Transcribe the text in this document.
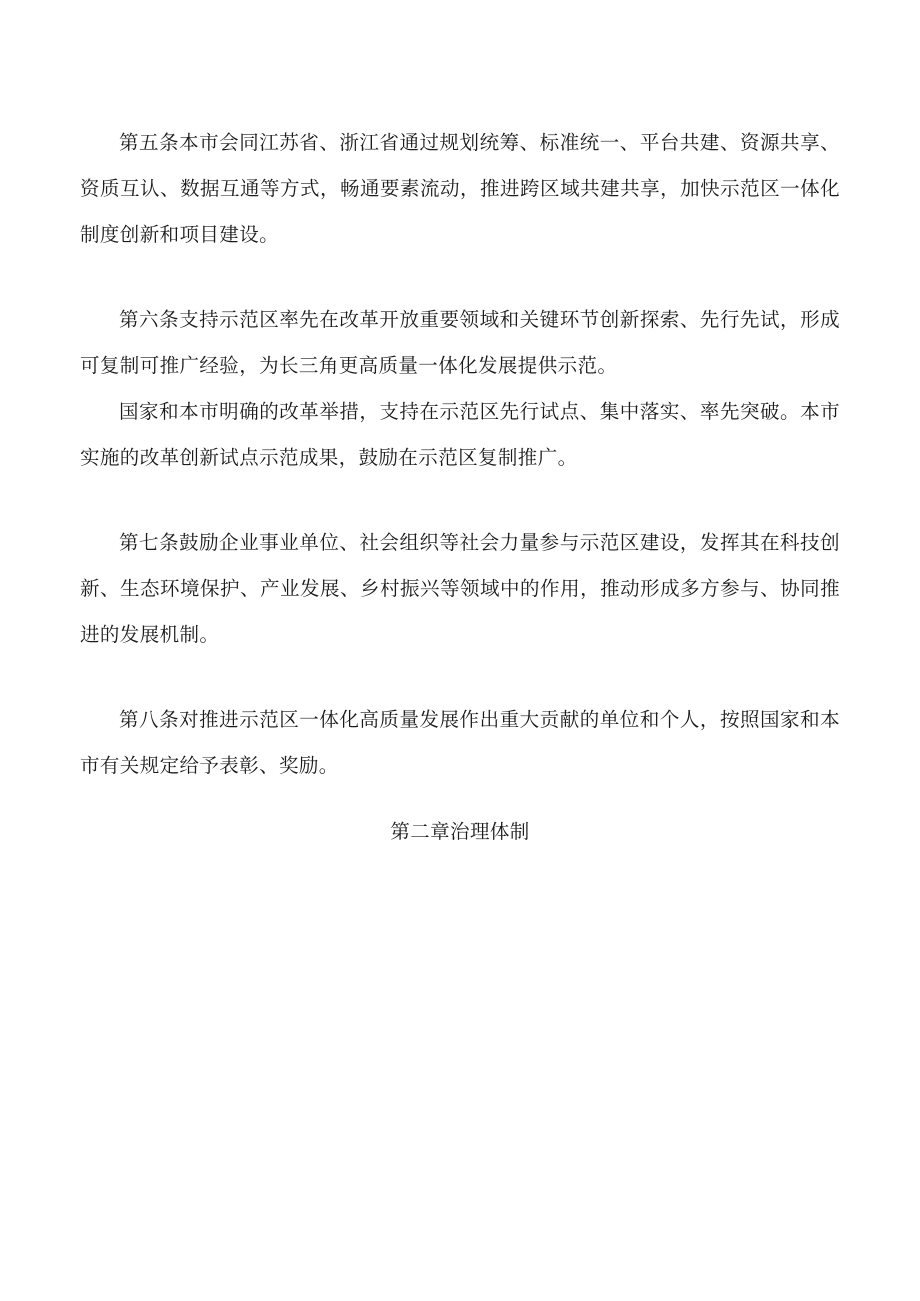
第五条本市会同江苏省、浙江省通过规划统筹、标准统一、平台共建、资源共享、资质互认、数据互通等方式，畅通要素流动，推进跨区域共建共享，加快示范区一体化制度创新和项目建设。

第六条支持示范区率先在改革开放重要领域和关键环节创新探索、先行先试，形成可复制可推广经验，为长三角更高质量一体化发展提供示范。

国家和本市明确的改革举措，支持在示范区先行试点、集中落实、率先突破。本市实施的改革创新试点示范成果，鼓励在示范区复制推广。

第七条鼓励企业事业单位、社会组织等社会力量参与示范区建设，发挥其在科技创新、生态环境保护、产业发展、乡村振兴等领域中的作用，推动形成多方参与、协同推进的发展机制。

第八条对推进示范区一体化高质量发展作出重大贡献的单位和个人，按照国家和本市有关规定给予表彰、奖励。

第二章治理体制
